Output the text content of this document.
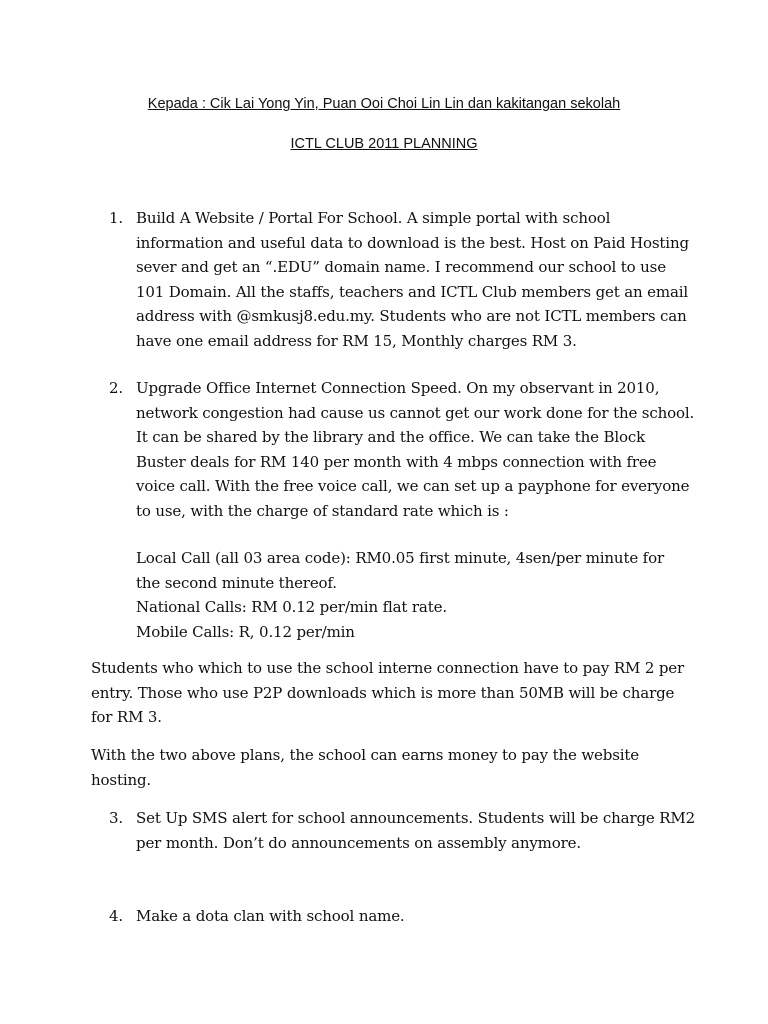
Kepada : Cik Lai Yong Yin, Puan Ooi Choi Lin Lin dan kakitangan sekolah
ICTL CLUB 2011 PLANNING
1. Build A Website / Portal For School. A simple portal with school information and useful data to download is the best. Host on Paid Hosting sever and get an “.EDU” domain name. I recommend our school to use 101 Domain. All the staffs, teachers and ICTL Club members get an email address with @smkusj8.edu.my. Students who are not ICTL members can have one email address for RM 15, Monthly charges RM 3.

2. Upgrade Office Internet Connection Speed. On my observant in 2010, network congestion had cause us cannot get our work done for the school. It can be shared by the library and the office. We can take the Block Buster deals for RM 140 per month with 4 mbps connection with free voice call. With the free voice call, we can set up a payphone for everyone to use, with the charge of standard rate which is :

Local Call (all 03 area code): RM0.05 first minute, 4sen/per minute for
the second minute thereof.
National Calls: RM 0.12 per/min flat rate.
Mobile Calls: R, 0.12 per/min

Students who which to use the school interne connection have to pay RM 2 per entry. Those who use P2P downloads which is more than 50MB will be charge for RM 3.

With the two above plans, the school can earns money to pay the website hosting.

3. Set Up SMS alert for school announcements. Students will be charge RM2 per month. Don’t do announcements on assembly anymore.

4. Make a dota clan with school name.
